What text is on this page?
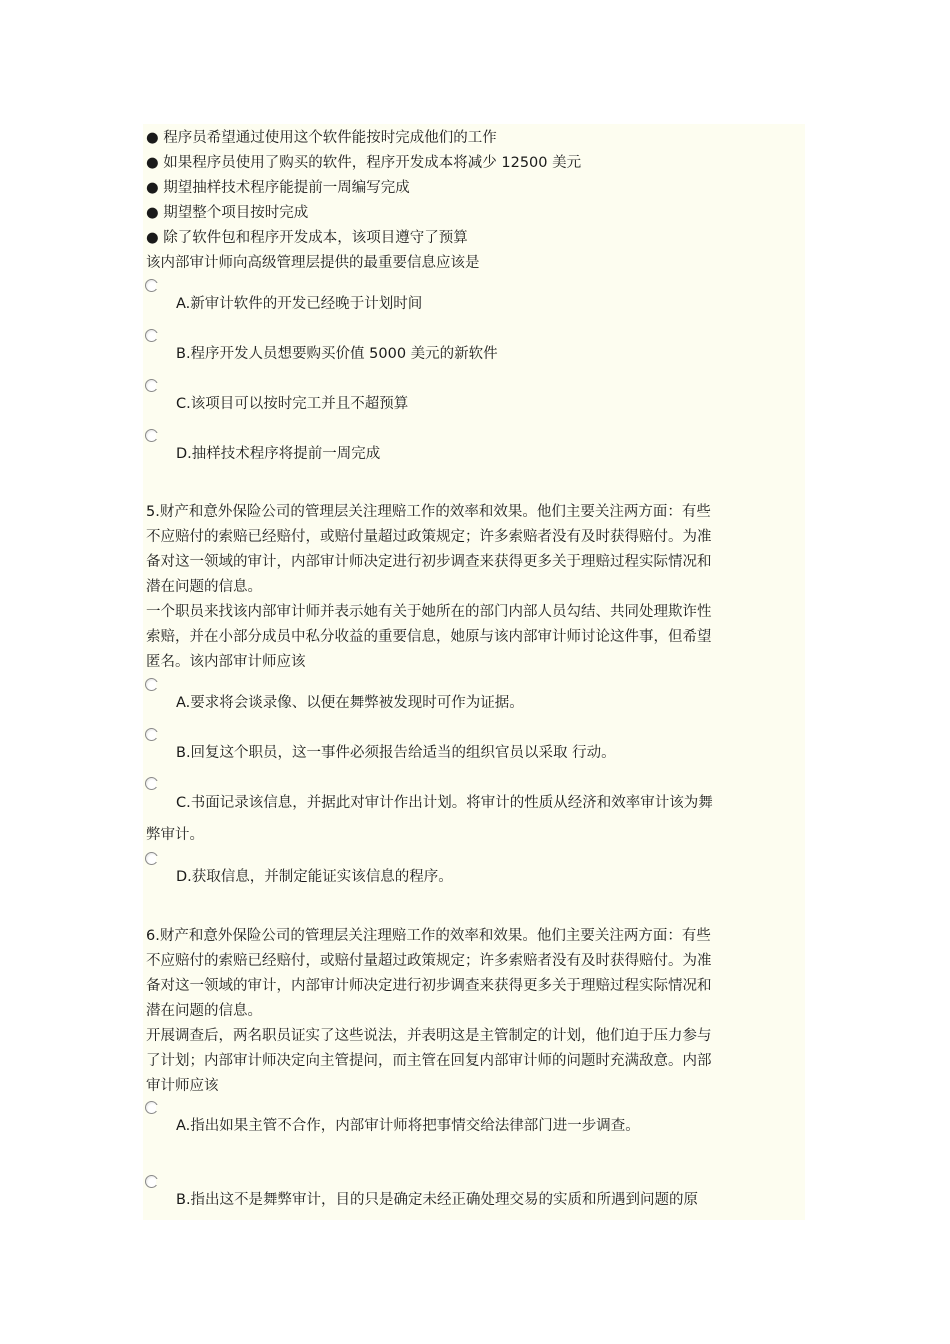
● 程序员希望通过使用这个软件能按时完成他们的工作
● 如果程序员使用了购买的软件，程序开发成本将减少 12500 美元
● 期望抽样技术程序能提前一周编写完成
● 期望整个项目按时完成
● 除了软件包和程序开发成本，该项目遵守了预算
该内部审计师向高级管理层提供的最重要信息应该是
A.新审计软件的开发已经晚于计划时间
B.程序开发人员想要购买价值 5000 美元的新软件
C.该项目可以按时完工并且不超预算
D.抽样技术程序将提前一周完成
5.财产和意外保险公司的管理层关注理赔工作的效率和效果。他们主要关注两方面：有些
不应赔付的索赔已经赔付，或赔付量超过政策规定；许多索赔者没有及时获得赔付。为准
备对这一领域的审计，内部审计师决定进行初步调查来获得更多关于理赔过程实际情况和
潜在问题的信息。
一个职员来找该内部审计师并表示她有关于她所在的部门内部人员勾结、共同处理欺诈性
索赔，并在小部分成员中私分收益的重要信息，她原与该内部审计师讨论这件事，但希望
匿名。该内部审计师应该
A.要求将会谈录像、以便在舞弊被发现时可作为证据。
B.回复这个职员，这一事件必须报告给适当的组织官员以采取 行动。
C.书面记录该信息，并据此对审计作出计划。将审计的性质从经济和效率审计该为舞
弊审计。
D.获取信息，并制定能证实该信息的程序。
6.财产和意外保险公司的管理层关注理赔工作的效率和效果。他们主要关注两方面：有些
不应赔付的索赔已经赔付，或赔付量超过政策规定；许多索赔者没有及时获得赔付。为准
备对这一领域的审计，内部审计师决定进行初步调查来获得更多关于理赔过程实际情况和
潜在问题的信息。
开展调查后，两名职员证实了这些说法，并表明这是主管制定的计划，他们迫于压力参与
了计划；内部审计师决定向主管提问，而主管在回复内部审计师的问题时充满敌意。内部
审计师应该
A.指出如果主管不合作，内部审计师将把事情交给法律部门进一步调查。
B.指出这不是舞弊审计，目的只是确定未经正确处理交易的实质和所遇到问题的原
